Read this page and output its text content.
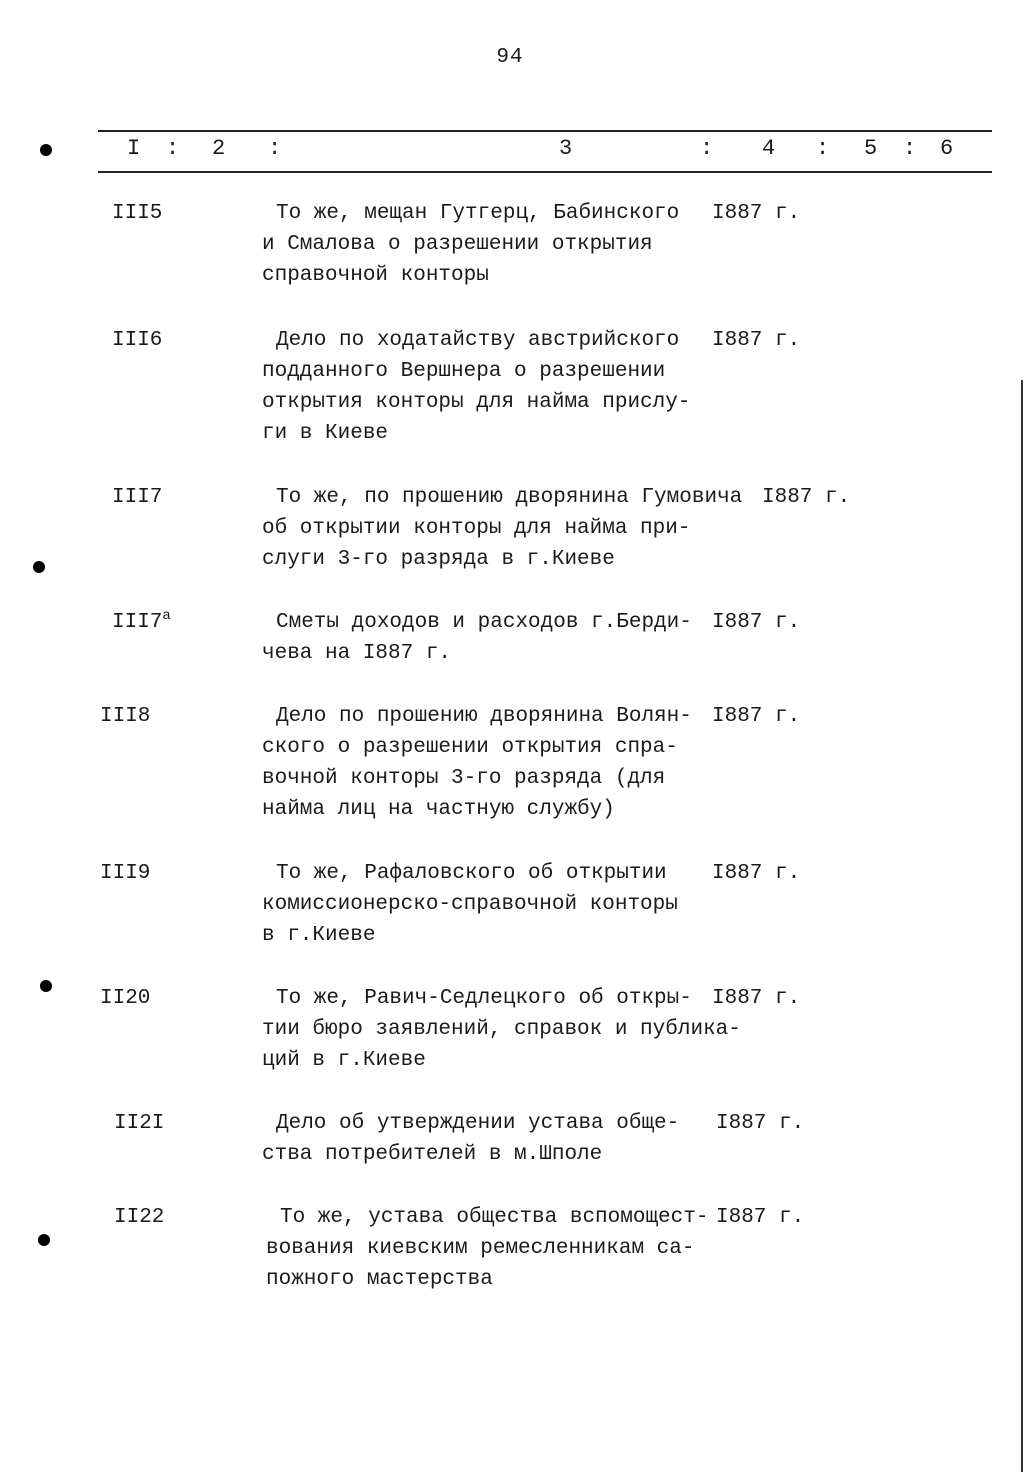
94
I : 2 :	3	: 4 : 5 : 6
III5	То же, мещан Гутгерц, Бабинского
и Смалова о разрешении открытия
справочной конторы
I887 г.
III6	Дело по ходатайству австрийского
подданного Вершнера о разрешении
открытия конторы для найма прислу-
ги в Киеве
I887 г.
III7	То же, по прошению дворянина Гумовича
об открытии конторы для найма при-
слуги 3-го разряда в г.Киеве
I887 г.
$III7^а$	Сметы доходов и расходов г.Берди-
чева на I887 г.
I887 г.
III8	Дело по прошению дворянина Волян-
ского о разрешении открытия спра-
вочной конторы 3-го разряда (для
найма лиц на частную службу)
I887 г.
III9	То же, Рафаловского об открытии
комиссионерско-справочной конторы
в г.Киеве
I887 г.
II20	То же, Равич-Седлецкого об откры-
тии бюро заявлений, справок и публика-
ций в г.Киеве
I887 г.
II2I	Дело об утверждении устава обще-
ства потребителей в м.Шполе
I887 г.
II22	То же, устава общества вспомощест-
вования киевским ремесленникам са-
пожного мастерства
I887 г.
